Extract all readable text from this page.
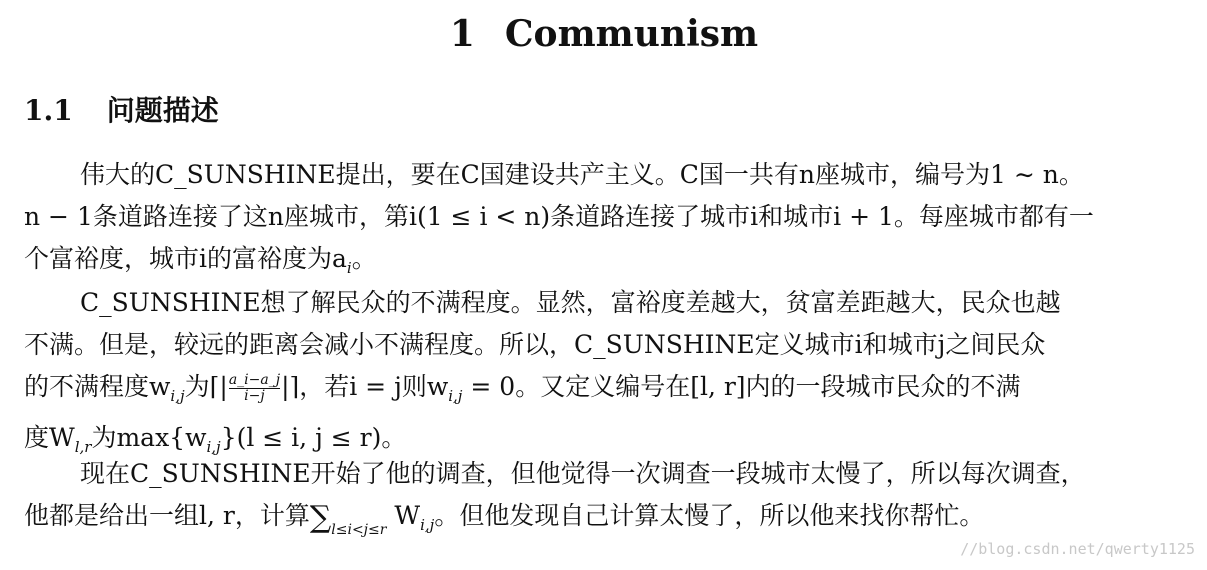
1 Communism
1.1 问题描述
伟大的C_SUNSHINE提出，要在C国建设共产主义。C国一共有n座城市，编号为1 ∼ n。
n − 1条道路连接了这n座城市，第i(1 ≤ i < n)条道路连接了城市i和城市i + 1。每座城市都有一
个富裕度，城市i的富裕度为$a_i$。
C_SUNSHINE想了解民众的不满程度。显然，富裕度差越大，贫富差距越大，民众也越
不满。但是，较远的距离会减小不满程度。所以，C_SUNSHINE定义城市i和城市j之间民众
的不满程度$w_{i,j}$为⌈| $\frac{a\_i-a\_j}{i-j}$ |⌉，若i = j则$w_{i,j} = 0$。又定义编号在[l, r]内的一段城市民众的不满
度$W_{l,r}$为$\max\{w_{i,j}\}(l \le i$, j ≤ r)。
现在C_SUNSHINE开始了他的调查，但他觉得一次调查一段城市太慢了，所以每次调查，
他都是给出一组l, r，计算$\sum_{l\le i<j\le r}$ $W_{i,j}$。但他发现自己计算太慢了，所以他来找你帮忙。
//blog.csdn.net/qwerty1125
